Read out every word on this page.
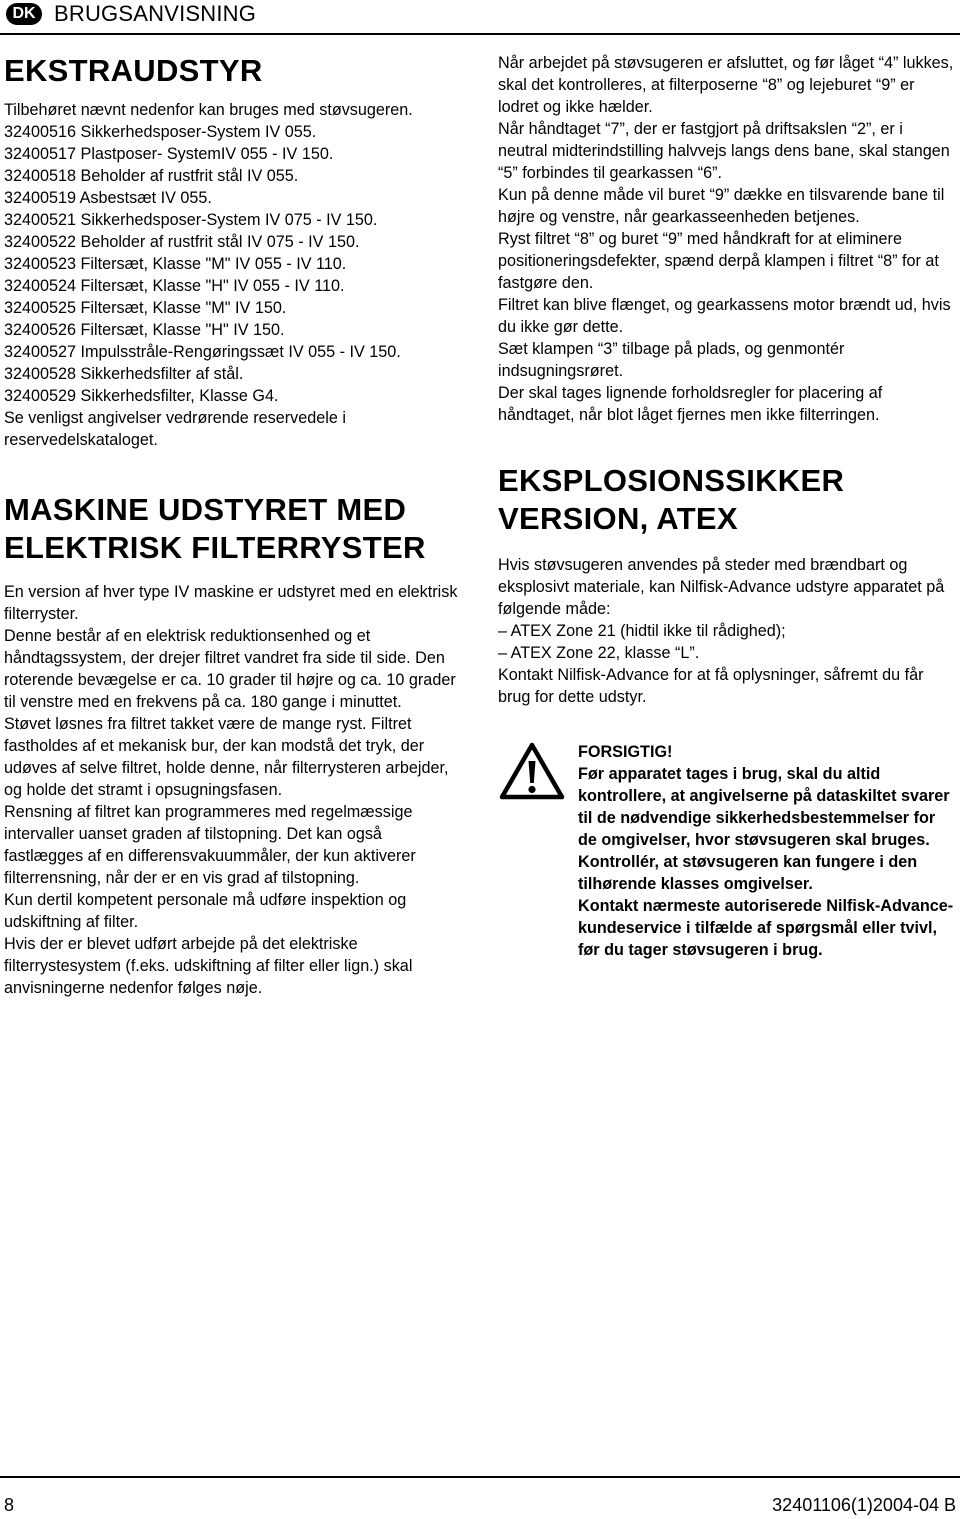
DK BRUGSANVISNING
EKSTRAUDSTYR

Tilbehøret nævnt nedenfor kan bruges med støvsugeren.

32400516 Sikkerhedsposer-System IV 055.

32400517 Plastposer- SystemIV 055 - IV 150.

32400518 Beholder af rustfrit stål IV 055.

32400519 Asbestsæt IV 055.

32400521 Sikkerhedsposer-System IV 075 - IV 150.

32400522 Beholder af rustfrit stål IV 075 - IV 150.

32400523 Filtersæt, Klasse "M" IV 055 - IV 110.

32400524 Filtersæt, Klasse "H" IV 055 - IV 110.

32400525 Filtersæt, Klasse "M" IV 150.

32400526 Filtersæt, Klasse "H" IV 150.

32400527 Impulsstråle-Rengøringssæt IV 055 - IV 150.

32400528 Sikkerhedsfilter af stål.

32400529 Sikkerhedsfilter, Klasse G4.

Se venligst angivelser vedrørende reservedele i reservedelskataloget.

MASKINE UDSTYRET MED ELEKTRISK FILTERRYSTER

En version af hver type IV maskine er udstyret med en elektrisk filterryster.

Denne består af en elektrisk reduktionsenhed og et håndtagssystem, der drejer filtret vandret fra side til side. Den roterende bevægelse er ca. 10 grader til højre og ca. 10 grader til venstre med en frekvens på ca. 180 gange i minuttet.

Støvet løsnes fra filtret takket være de mange ryst. Filtret fastholdes af et mekanisk bur, der kan modstå det tryk, der udøves af selve filtret, holde denne, når filterrysteren arbejder, og holde det stramt i opsugningsfasen.

Rensning af filtret kan programmeres med regelmæssige intervaller uanset graden af tilstopning. Det kan også fastlægges af en differensvakuummåler, der kun aktiverer filterrensning, når der er en vis grad af tilstopning.

Kun dertil kompetent personale må udføre inspektion og udskiftning af filter.

Hvis der er blevet udført arbejde på det elektriske filterrystesystem (f.eks. udskiftning af filter eller lign.) skal anvisningerne nedenfor følges nøje.

Når arbejdet på støvsugeren er afsluttet, og før låget “4” lukkes, skal det kontrolleres, at filterposerne “8” og lejeburet “9” er lodret og ikke hælder.

Når håndtaget “7”, der er fastgjort på driftsakslen “2”, er i neutral midterindstilling halvvejs langs dens bane, skal stangen “5” forbindes til gearkassen “6”.

Kun på denne måde vil buret “9” dække en tilsvarende bane til højre og venstre, når gearkasseenheden betjenes.

Ryst filtret “8” og buret “9” med håndkraft for at eliminere positioneringsdefekter, spænd derpå klampen i filtret “8” for at fastgøre den.

Filtret kan blive flænget, og gearkassens motor brændt ud, hvis du ikke gør dette.

Sæt klampen “3” tilbage på plads, og genmontér indsugningsrøret.

Der skal tages lignende forholdsregler for placering af håndtaget, når blot låget fjernes men ikke filterringen.

EKSPLOSIONSSIKKER
VERSION, ATEX

Hvis støvsugeren anvendes på steder med brændbart og eksplosivt materiale, kan Nilfisk-Advance udstyre apparatet på følgende måde:

– ATEX Zone 21 (hidtil ikke til rådighed);

– ATEX Zone 22, klasse “L”.

Kontakt Nilfisk-Advance for at få oplysninger, såfremt du får brug for dette udstyr.

FORSIGTIG!

Før apparatet tages i brug, skal du altid kontrollere, at angivelserne på dataskiltet svarer til de nødvendige sikkerhedsbestemmelser for de omgivelser, hvor støvsugeren skal bruges.

Kontrollér, at støvsugeren kan fungere i den tilhørende klasses omgivelser.

Kontakt nærmeste autoriserede Nilfisk-Advance-kundeservice i tilfælde af spørgsmål eller tvivl, før du tager støvsugeren i brug.

8	32401106(1)2004-04 B
